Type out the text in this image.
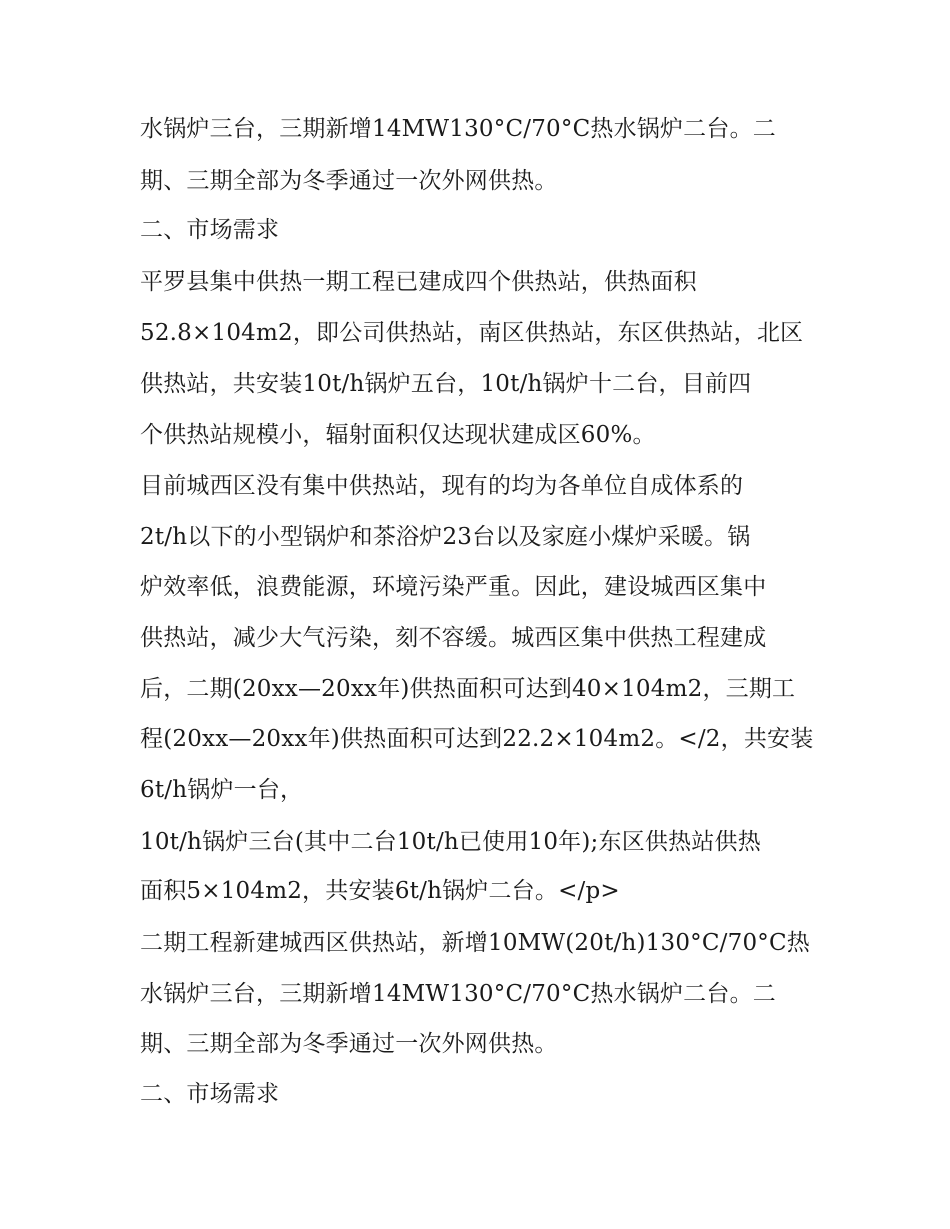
水锅炉三台，三期新增14MW130°C/70°C热水锅炉二台。二
期、三期全部为冬季通过一次外网供热。
二、市场需求
平罗县集中供热一期工程已建成四个供热站，供热面积
52.8×104m2，即公司供热站，南区供热站，东区供热站，北区
供热站，共安装10t/h锅炉五台，10t/h锅炉十二台，目前四
个供热站规模小，辐射面积仅达现状建成区60%。
目前城西区没有集中供热站，现有的均为各单位自成体系的
2t/h以下的小型锅炉和茶浴炉23台以及家庭小煤炉采暖。锅
炉效率低，浪费能源，环境污染严重。因此，建设城西区集中
供热站，减少大气污染，刻不容缓。城西区集中供热工程建成
后，二期(20xx—20xx年)供热面积可达到40×104m2，三期工
程(20xx—20xx年)供热面积可达到22.2×104m2。</2，共安装
6t/h锅炉一台，
10t/h锅炉三台(其中二台10t/h已使用10年);东区供热站供热
面积5×104m2，共安装6t/h锅炉二台。</p>
二期工程新建城西区供热站，新增10MW(20t/h)130°C/70°C热
水锅炉三台，三期新增14MW130°C/70°C热水锅炉二台。二
期、三期全部为冬季通过一次外网供热。
二、市场需求
